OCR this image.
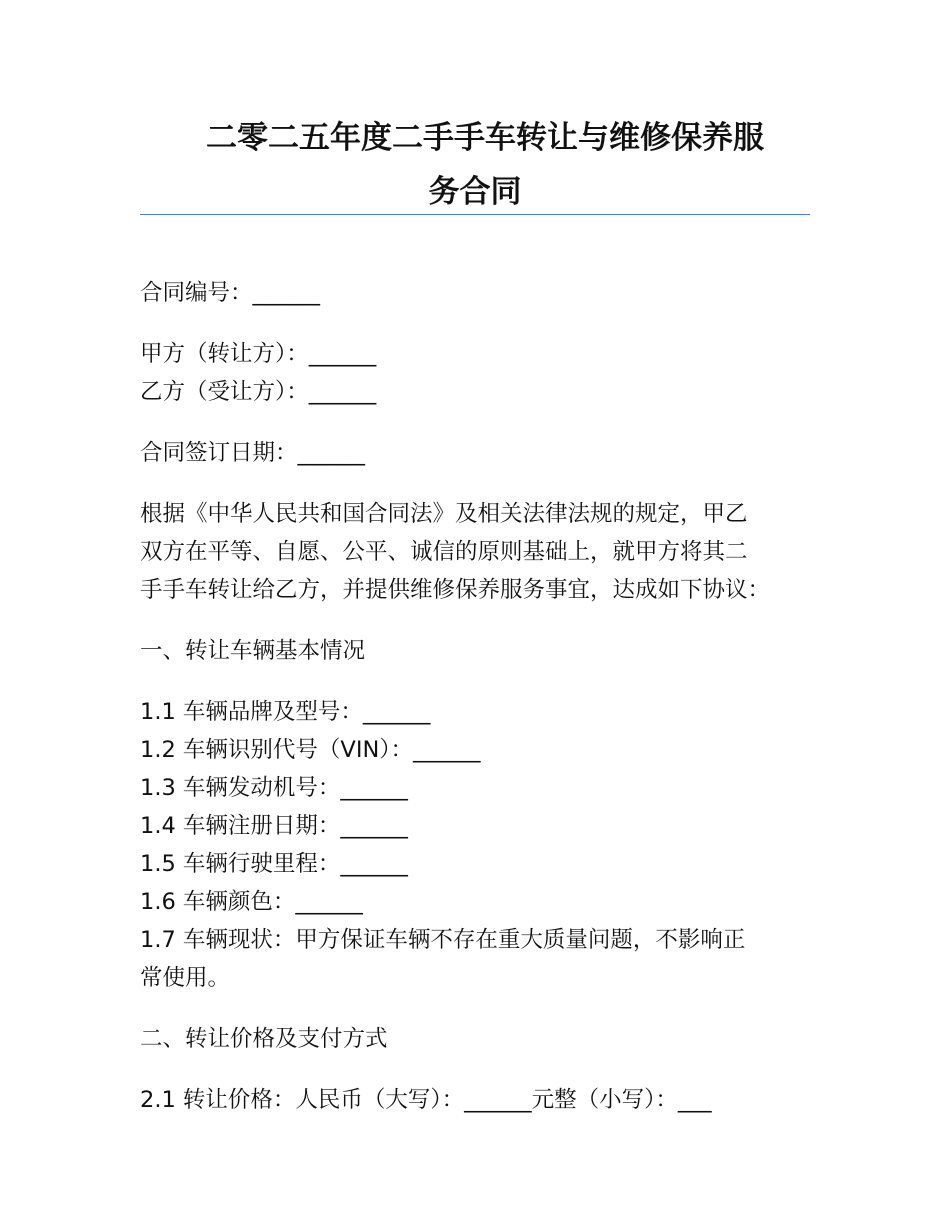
二零二五年度二手手车转让与维修保养服
务合同
合同编号：______
甲方（转让方）：______
乙方（受让方）：______
合同签订日期：______
根据《中华人民共和国合同法》及相关法律法规的规定，甲乙
双方在平等、自愿、公平、诚信的原则基础上，就甲方将其二
手手车转让给乙方，并提供维修保养服务事宜，达成如下协议：
一、转让车辆基本情况
1.1 车辆品牌及型号：______
1.2 车辆识别代号（VIN）：______
1.3 车辆发动机号：______
1.4 车辆注册日期：______
1.5 车辆行驶里程：______
1.6 车辆颜色：______
1.7 车辆现状：甲方保证车辆不存在重大质量问题，不影响正
常使用。
二、转让价格及支付方式
2.1 转让价格：人民币（大写）：______元整（小写）：___
